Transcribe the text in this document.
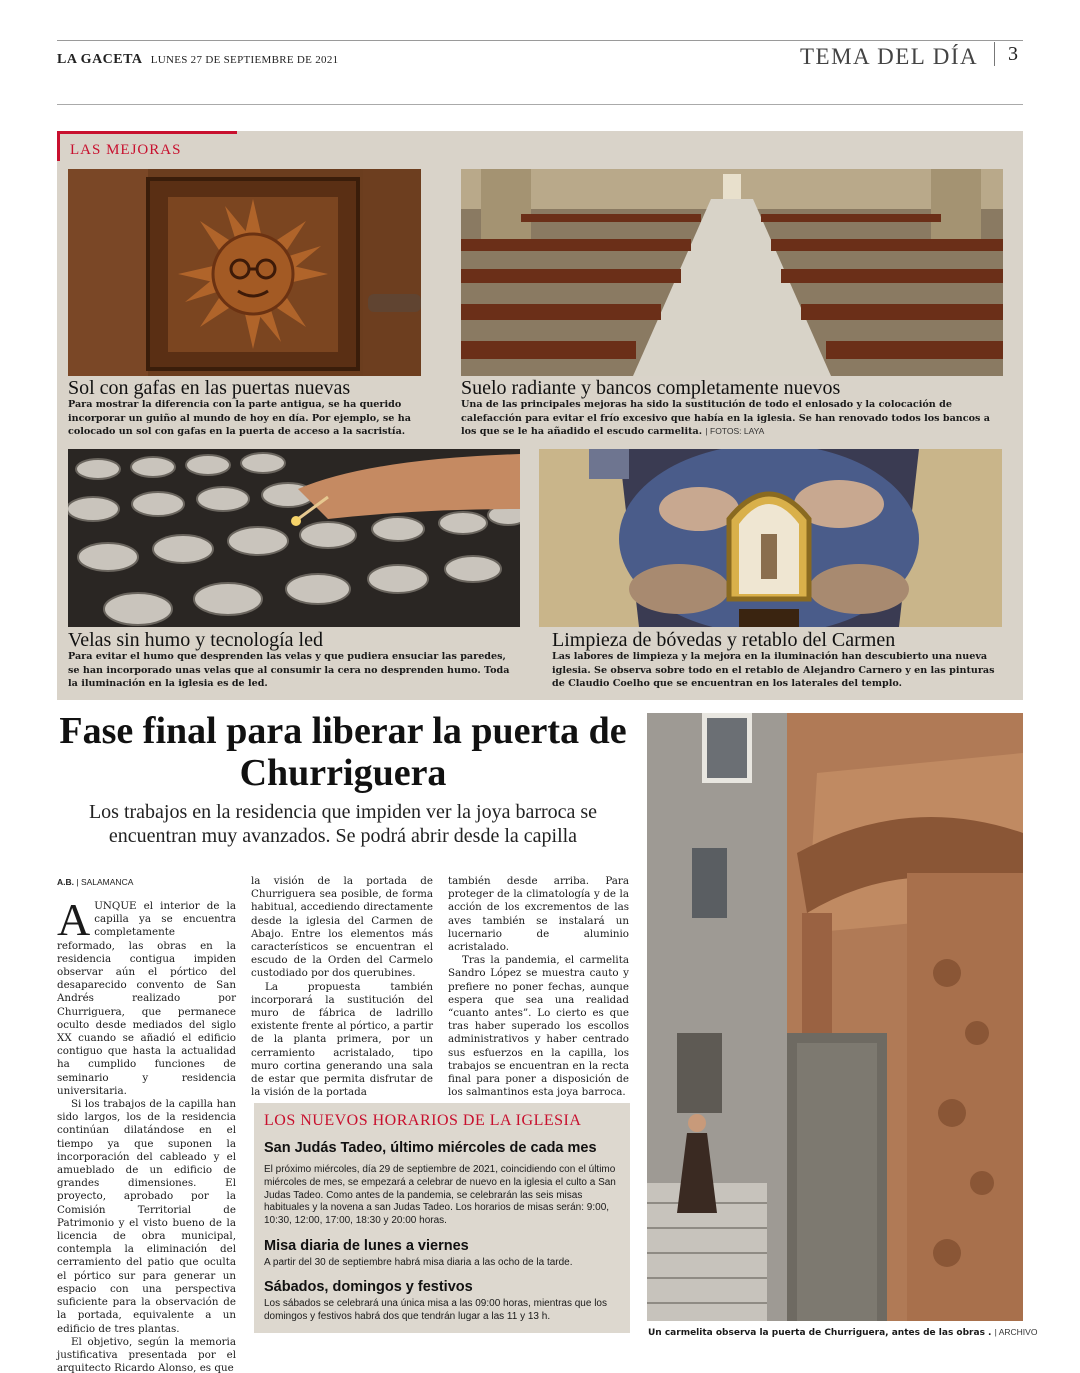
LA GACETA LUNES 27 DE SEPTIEMBRE DE 2021	TEMA DEL DÍA 3
LAS MEJORAS
Sol con gafas en las puertas nuevas
Para mostrar la diferencia con la parte antigua, se ha querido incorporar un guiño al mundo de hoy en día. Por ejemplo, se ha colocado un sol con gafas en la puerta de acceso a la sacristía.
Suelo radiante y bancos completamente nuevos
Una de las principales mejoras ha sido la sustitución de todo el enlosado y la colocación de calefacción para evitar el frío excesivo que había en la iglesia. Se han renovado todos los bancos a los que se le ha añadido el escudo carmelita. | FOTOS: LAYA
Velas sin humo y tecnología led
Para evitar el humo que desprenden las velas y que pudiera ensuciar las paredes, se han incorporado unas velas que al consumir la cera no desprenden humo. Toda la iluminación en la iglesia es de led.
Limpieza de bóvedas y retablo del Carmen
Las labores de limpieza y la mejora en la iluminación han descubierto una nueva iglesia. Se observa sobre todo en el retablo de Alejandro Carnero y en las pinturas de Claudio Coelho que se encuentran en los laterales del templo.
Fase final para liberar la puerta de Churriguera
Los trabajos en la residencia que impiden ver la joya barroca se encuentran muy avanzados. Se podrá abrir desde la capilla
A.B. | SALAMANCA

AUNQUE el interior de la capilla ya se encuentra completamente reformado, las obras en la residencia contigua impiden observar aún el pórtico del desaparecido convento de San Andrés realizado por Churriguera, que permanece oculto desde mediados del siglo XX cuando se añadió el edificio contiguo que hasta la actualidad ha cumplido funciones de seminario y residencia universitaria.

Si los trabajos de la capilla han sido largos, los de la residencia continúan dilatándose en el tiempo ya que suponen la incorporación del cableado y el amueblado de un edificio de grandes dimensiones. El proyecto, aprobado por la Comisión Territorial de Patrimonio y el visto bueno de la licencia de obra municipal, contempla la eliminación del cerramiento del patio que oculta el pórtico sur para generar un espacio con una perspectiva suficiente para la observación de la portada, equivalente a un edificio de tres plantas.

El objetivo, según la memoria justificativa presentada por el arquitecto Ricardo Alonso, es que

la visión de la portada de Churriguera sea posible, de forma habitual, accediendo directamente desde la iglesia del Carmen de Abajo. Entre los elementos más característicos se encuentran el escudo de la Orden del Carmelo custodiado por dos querubines.

La propuesta también incorporará la sustitución del muro de fábrica de ladrillo existente frente al pórtico, a partir de la planta primera, por un cerramiento acristalado, tipo muro cortina generando una sala de estar que permita disfrutar de la visión de la portada

también desde arriba. Para proteger de la climatología y de la acción de los excrementos de las aves también se instalará un lucernario de aluminio acristalado.

Tras la pandemia, el carmelita Sandro López se muestra cauto y prefiere no poner fechas, aunque espera que sea una realidad “cuanto antes”. Lo cierto es que tras haber superado los escollos administrativos y haber centrado sus esfuerzos en la capilla, los trabajos se encuentran en la recta final para poner a disposición de los salmantinos esta joya barroca.

LOS NUEVOS HORARIOS DE LA IGLESIA
San Judás Tadeo, último miércoles de cada mes
El próximo miércoles, día 29 de septiembre de 2021, coincidiendo con el último miércoles de mes, se empezará a celebrar de nuevo en la iglesia el culto a San Judas Tadeo. Como antes de la pandemia, se celebrarán las seis misas habituales y la novena a san Judas Tadeo. Los horarios de misas serán: 9:00, 10:30, 12:00, 17:00, 18:30 y 20:00 horas.
Misa diaria de lunes a viernes
A partir del 30 de septiembre habrá misa diaria a las ocho de la tarde.
Sábados, domingos y festivos
Los sábados se celebrará una única misa a las 09:00 horas, mientras que los domingos y festivos habrá dos que tendrán lugar a las 11 y 13 h.
Un carmelita observa la puerta de Churriguera, antes de las obras . | ARCHIVO
